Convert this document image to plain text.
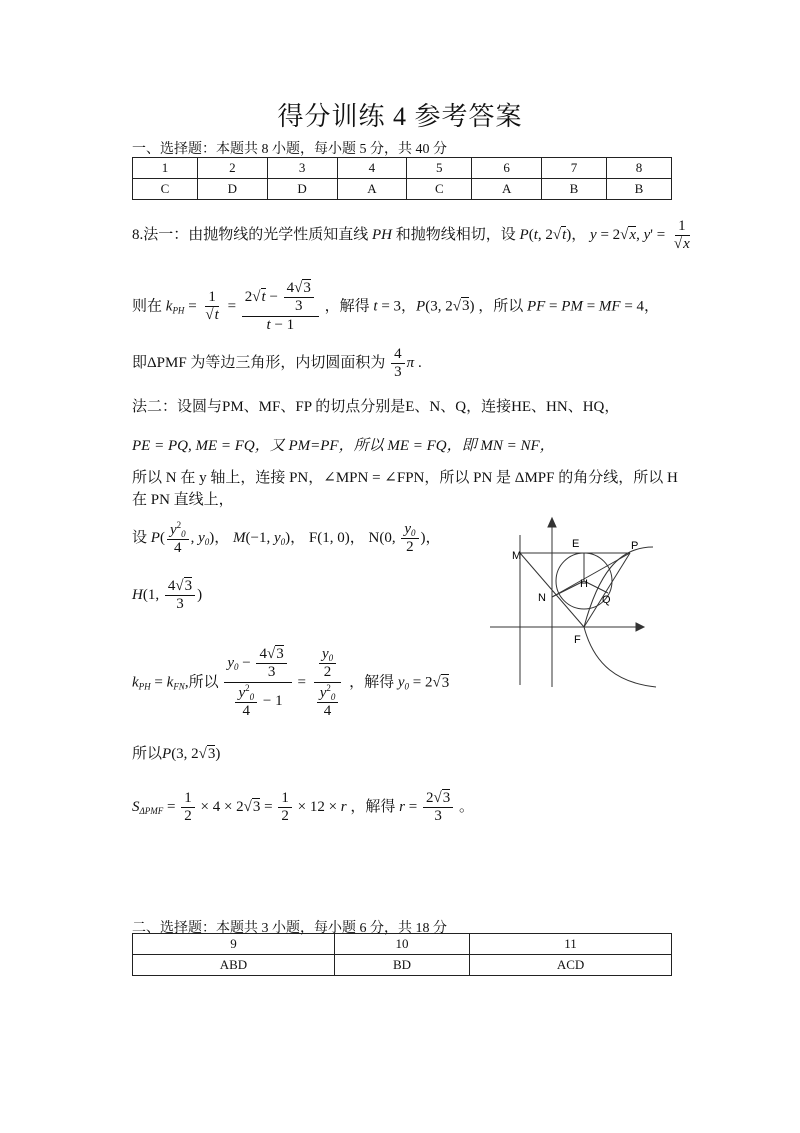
得分训练 4 参考答案
一、选择题：本题共 8 小题，每小题 5 分，共 40 分
1	2	3	4	5	6	7	8
C	D	D	A	C	A	B	B
8.法一：由抛物线的光学性质知直线 PH 和抛物线相切，设 P(t, 2√t)， y = 2√x, $y' = \frac{1}{√x}$
则在 $k_{PH} = \frac{1}{√t} = \frac{2√t - \frac{4√3}{3}}{t - 1}$ ，解得 t = 3，P(3, 2√3) ，所以 PF = PM = MF = 4，
即ΔPMF 为等边三角形，内切圆面积为 $\frac{4}{3}$ π .
法二：设圆与PM、MF、FP 的切点分别是E、N、Q，连接HE、HN、HQ，
PE = PQ, ME = FQ，又 PM=PF，所以 ME = FQ，即 MN = NF，
所以 N 在 y 轴上，连接 PN，∠MPN = ∠FPN，所以 PN 是 ΔMPF 的角分线，所以 H
在 PN 直线上，
设 $P( \frac{y^2_0}{4}$ , $y_0$)， M(−1, $y_0$)， F(1, 0)， N(0, $\frac{y_0}{2}$ )，
H(1, $\frac{4√3}{3}$ )
$k_{PH} = k_{FN}$,所以 $\frac{y_0 - \frac{4√3}{3}}{\frac{y^2_0}{4} - 1} = \frac{\frac{y_0}{2}}{\frac{y^2_0}{4}}$ ，解得 $y_0 = 2√3$
所以P(3, 2√3)
$S_{\Delta PMF} = \frac{1}{2} \times 4 \times 2√3 = \frac{1}{2} \times 12 \times r$ ，解得 $r = \frac{2√3}{3}$ 。
M
E	P
N
H
Q
F
二、选择题：本题共 3 小题，每小题 6 分，共 18 分
9	10	11
ABD	BD	ACD
